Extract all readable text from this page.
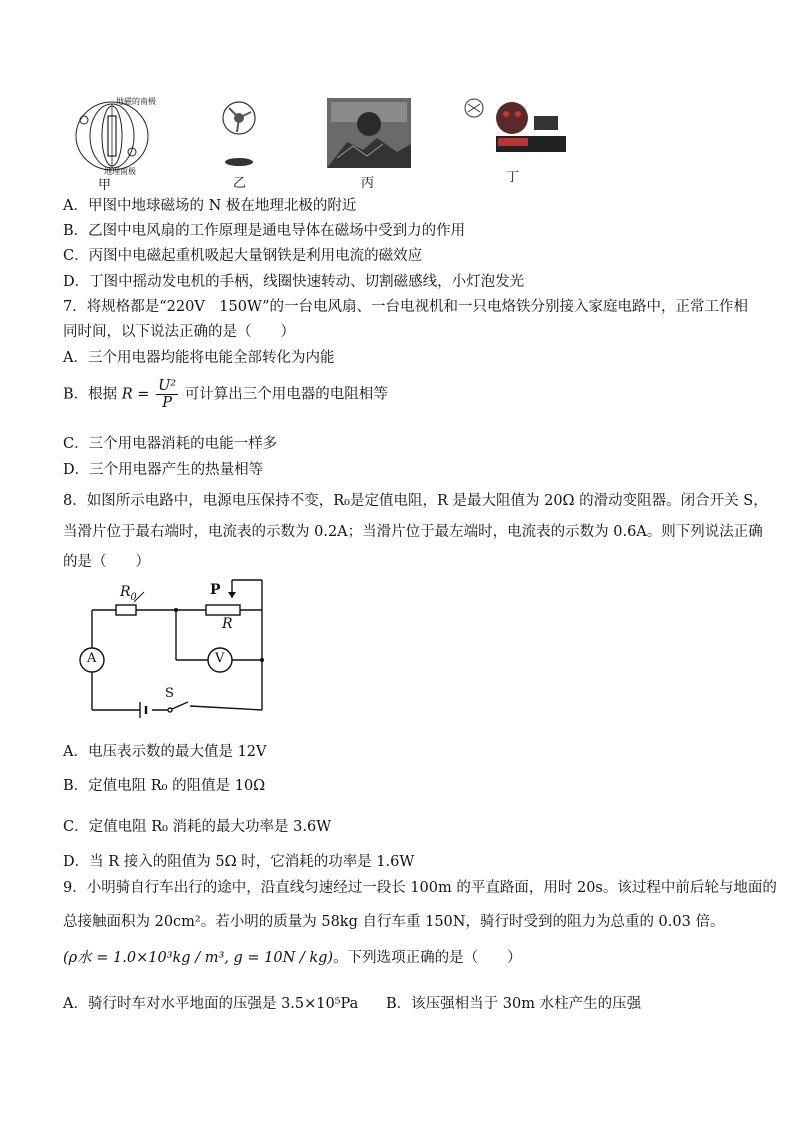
地磁的南极
地理南极
甲	乙	丙	丁
A．甲图中地球磁场的 N 极在地理北极的附近
B．乙图中电风扇的工作原理是通电导体在磁场中受到力的作用
C．丙图中电磁起重机吸起大量钢铁是利用电流的磁效应
D．丁图中摇动发电机的手柄，线圈快速转动、切割磁感线，小灯泡发光
7．将规格都是“220V　150W”的一台电风扇、一台电视机和一只电烙铁分别接入家庭电路中，正常工作相
同时间，以下说法正确的是（　　）
A．三个用电器均能将电能全部转化为内能
B．根据 $R = \frac{\text{U²}}{P}$ 可计算出三个用电器的电阻相等
C．三个用电器消耗的电能一样多
D．三个用电器产生的热量相等
8．如图所示电路中，电源电压保持不变，R₀是定值电阻，R 是最大阻值为 20Ω 的滑动变阻器。闭合开关 S，
当滑片位于最右端时，电流表的示数为 0.2A；当滑片位于最左端时，电流表的示数为 0.6A。则下列说法正确
的是（　　）
$R_0$	P
R
V
A
S
A．电压表示数的最大值是 12V
B．定值电阻 R₀ 的阻值是 10Ω
C．定值电阻 R₀ 消耗的最大功率是 3.6W
D．当 R 接入的阻值为 5Ω 时，它消耗的功率是 1.6W
9．小明骑自行车出行的途中，沿直线匀速经过一段长 100m 的平直路面，用时 20s。该过程中前后轮与地面的
总接触面积为 20cm²。若小明的质量为 58kg 自行车重 150N，骑行时受到的阻力为总重的 0.03 倍。
(ρ水 = 1.0×10³kg / m³, g = 10N / kg)。下列选项正确的是（　　）
A．骑行时车对水平地面的压强是 3.5×10⁵Pa B．该压强相当于 30m 水柱产生的压强
